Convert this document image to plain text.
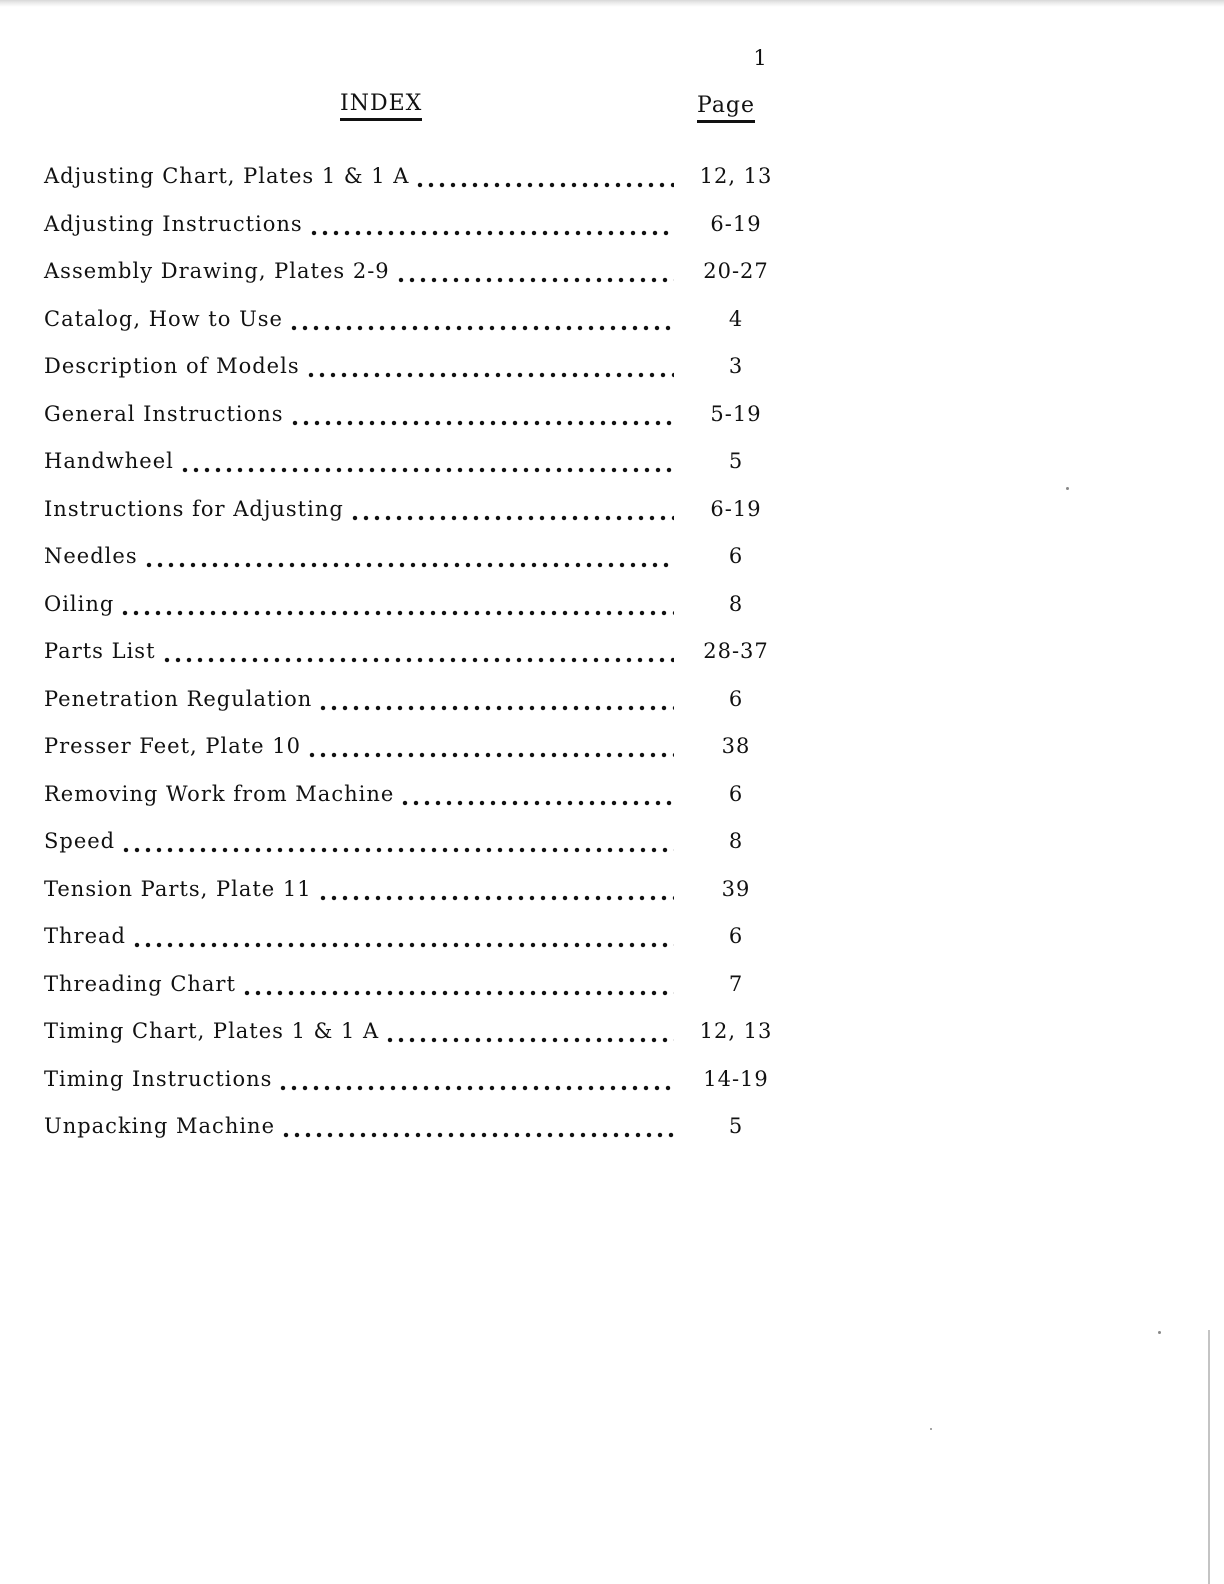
1
INDEX	Page
Adjusting Chart, Plates 1 & 1 A	12, 13
Adjusting Instructions	6-19
Assembly Drawing, Plates 2-9	20-27
Catalog, How to Use	4
Description of Models	3
General Instructions	5-19
Handwheel	5
Instructions for Adjusting	6-19
Needles	6
Oiling	8
Parts List	28-37
Penetration Regulation	6
Presser Feet, Plate 10	38
Removing Work from Machine	6
Speed	8
Tension Parts, Plate 11	39
Thread	6
Threading Chart	7
Timing Chart, Plates 1 & 1 A	12, 13
Timing Instructions	14-19
Unpacking Machine	5
